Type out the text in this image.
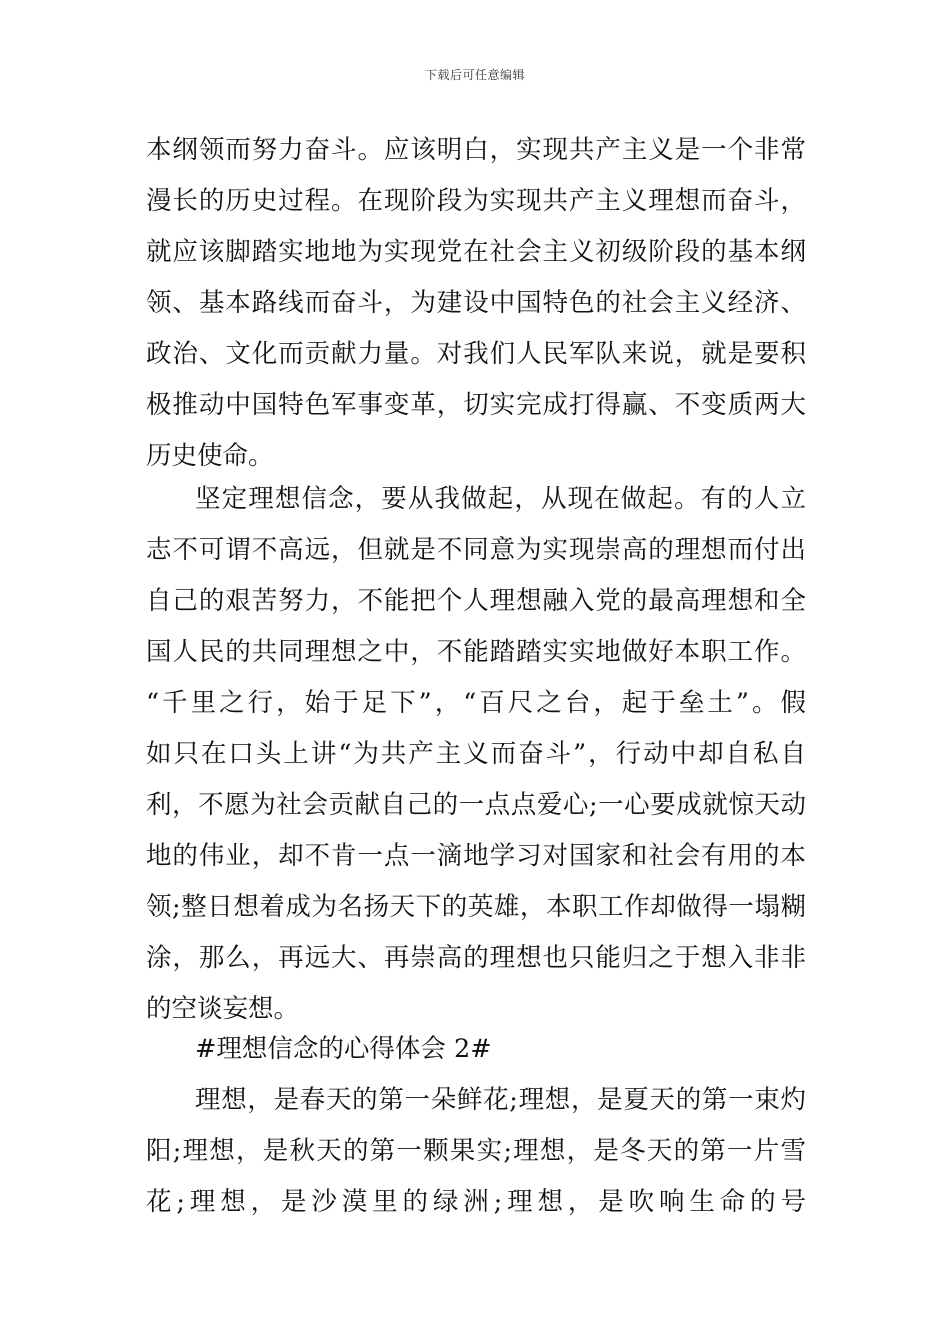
下载后可任意编辑
本纲领而努力奋斗。应该明白，实现共产主义是一个非常
漫长的历史过程。在现阶段为实现共产主义理想而奋斗，
就应该脚踏实地地为实现党在社会主义初级阶段的基本纲
领、基本路线而奋斗，为建设中国特色的社会主义经济、
政治、文化而贡献力量。对我们人民军队来说，就是要积
极推动中国特色军事变革，切实完成打得赢、不变质两大
历史使命。
坚定理想信念，要从我做起，从现在做起。有的人立
志不可谓不高远，但就是不同意为实现崇高的理想而付出
自己的艰苦努力，不能把个人理想融入党的最高理想和全
国人民的共同理想之中，不能踏踏实实地做好本职工作。
“千里之行，始于足下”，“百尺之台，起于垒土”。假
如只在口头上讲“为共产主义而奋斗”，行动中却自私自
利，不愿为社会贡献自己的一点点爱心;一心要成就惊天动
地的伟业，却不肯一点一滴地学习对国家和社会有用的本
领;整日想着成为名扬天下的英雄，本职工作却做得一塌糊
涂，那么，再远大、再崇高的理想也只能归之于想入非非
的空谈妄想。
#理想信念的心得体会 2#
理想，是春天的第一朵鲜花;理想，是夏天的第一束灼
阳;理想，是秋天的第一颗果实;理想，是冬天的第一片雪
花;理想，是沙漠里的绿洲;理想，是吹响生命的号
